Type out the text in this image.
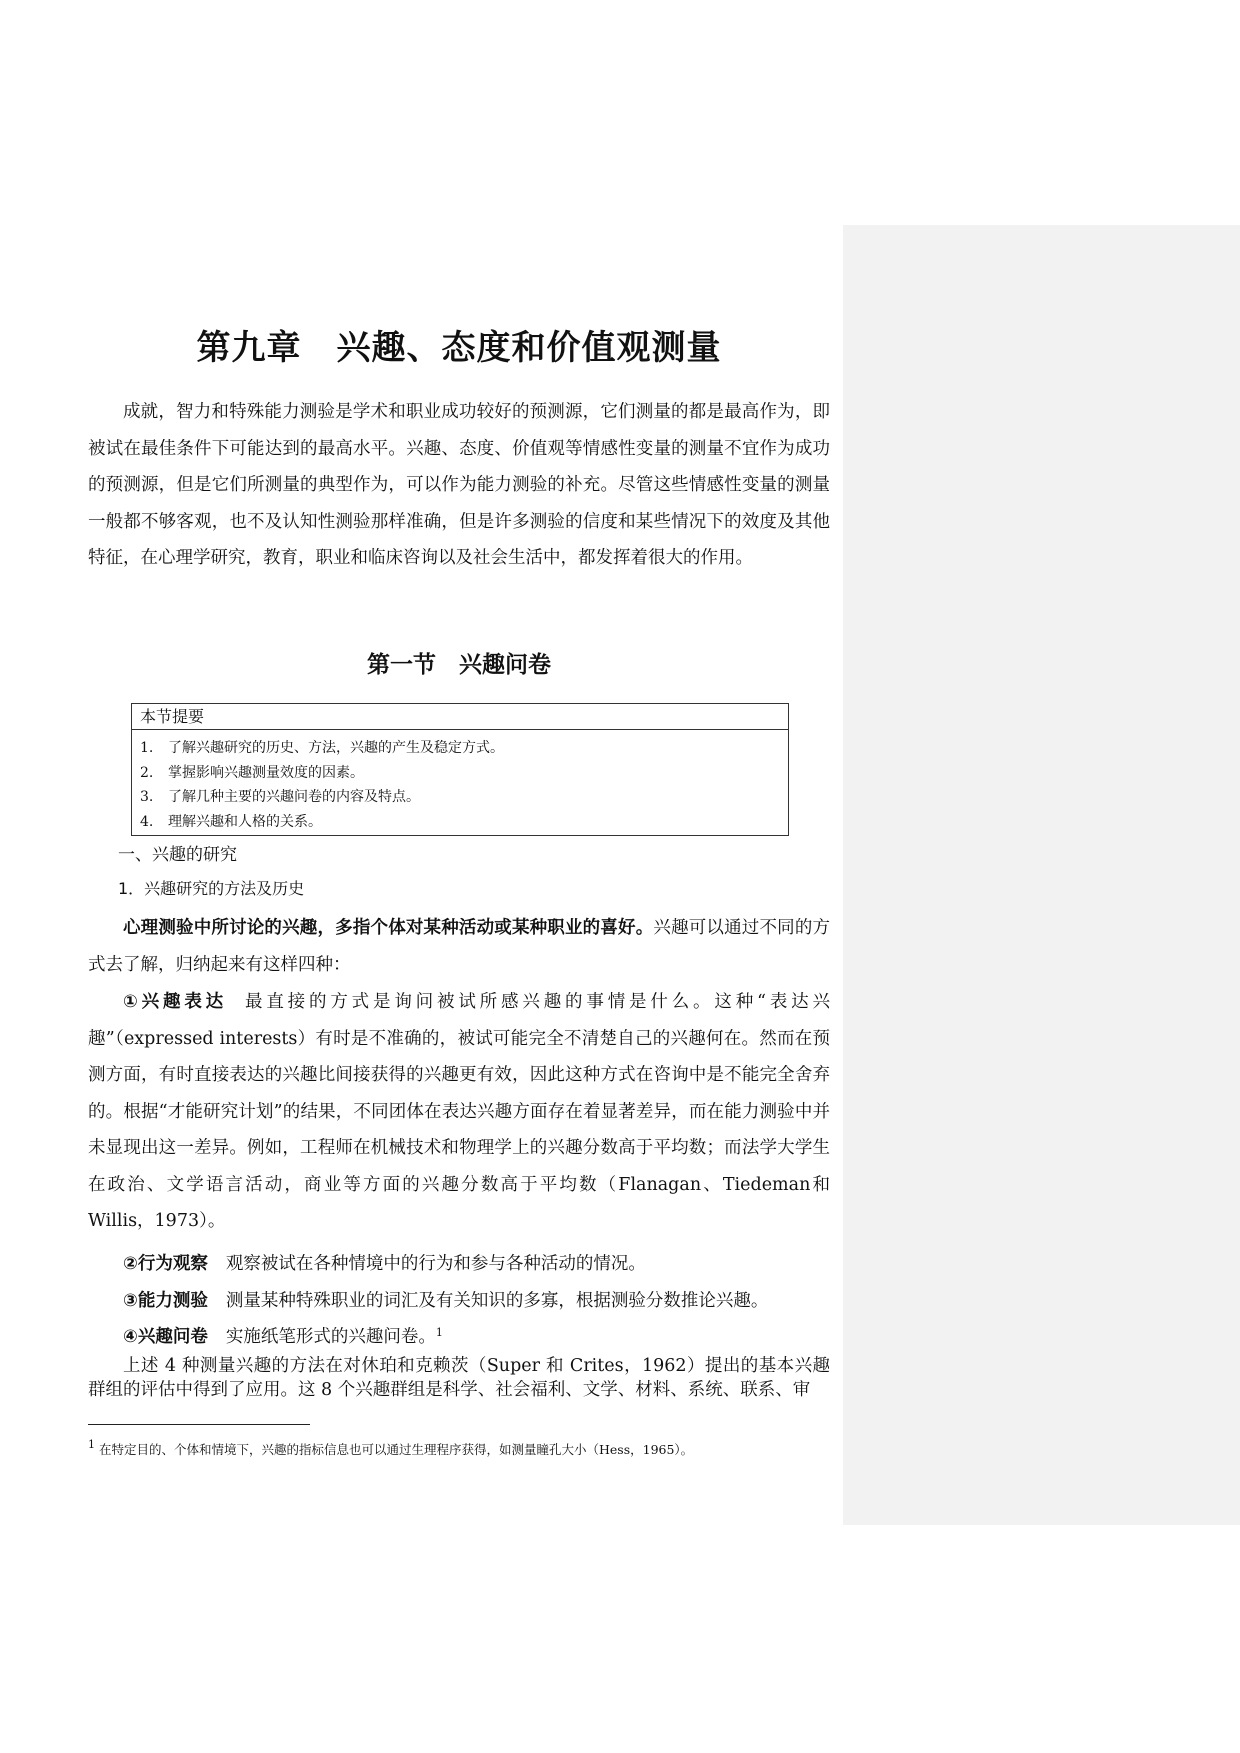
第九章　兴趣、态度和价值观测量

成就，智力和特殊能力测验是学术和职业成功较好的预测源，它们测量的都是最高作为，即被试在最佳条件下可能达到的最高水平。兴趣、态度、价值观等情感性变量的测量不宜作为成功的预测源，但是它们所测量的典型作为，可以作为能力测验的补充。尽管这些情感性变量的测量一般都不够客观，也不及认知性测验那样准确，但是许多测验的信度和某些情况下的效度及其他特征，在心理学研究，教育，职业和临床咨询以及社会生活中，都发挥着很大的作用。

第一节　兴趣问卷
本节提要
1. 了解兴趣研究的历史、方法，兴趣的产生及稳定方式。
2. 掌握影响兴趣测量效度的因素。
3. 了解几种主要的兴趣问卷的内容及特点。
4. 理解兴趣和人格的关系。
一、兴趣的研究
1．兴趣研究的方法及历史

心理测验中所讨论的兴趣，多指个体对某种活动或某种职业的喜好。兴趣可以通过不同的方式去了解，归纳起来有这样四种：

①兴趣表达 最直接的方式是询问被试所感兴趣的事情是什么。这种“表达兴趣”（expressed interests）有时是不准确的，被试可能完全不清楚自己的兴趣何在。然而在预测方面，有时直接表达的兴趣比间接获得的兴趣更有效，因此这种方式在咨询中是不能完全舍弃的。根据“才能研究计划”的结果，不同团体在表达兴趣方面存在着显著差异，而在能力测验中并未显现出这一差异。例如，工程师在机械技术和物理学上的兴趣分数高于平均数；而法学大学生在政治、文学语言活动，商业等方面的兴趣分数高于平均数（Flanagan、Tiedeman和 Willis，1973）。

②行为观察 观察被试在各种情境中的行为和参与各种活动的情况。
③能力测验 测量某种特殊职业的词汇及有关知识的多寡，根据测验分数推论兴趣。
④兴趣问卷 实施纸笔形式的兴趣问卷。$^1$

上述 4 种测量兴趣的方法在对休珀和克赖茨（Super 和 Crites，1962）提出的基本兴趣群组的评估中得到了应用。这 8 个兴趣群组是科学、社会福利、文学、材料、系统、联系、审

$^1$ 在特定目的、个体和情境下，兴趣的指标信息也可以通过生理程序获得，如测量瞳孔大小（Hess，1965）。
